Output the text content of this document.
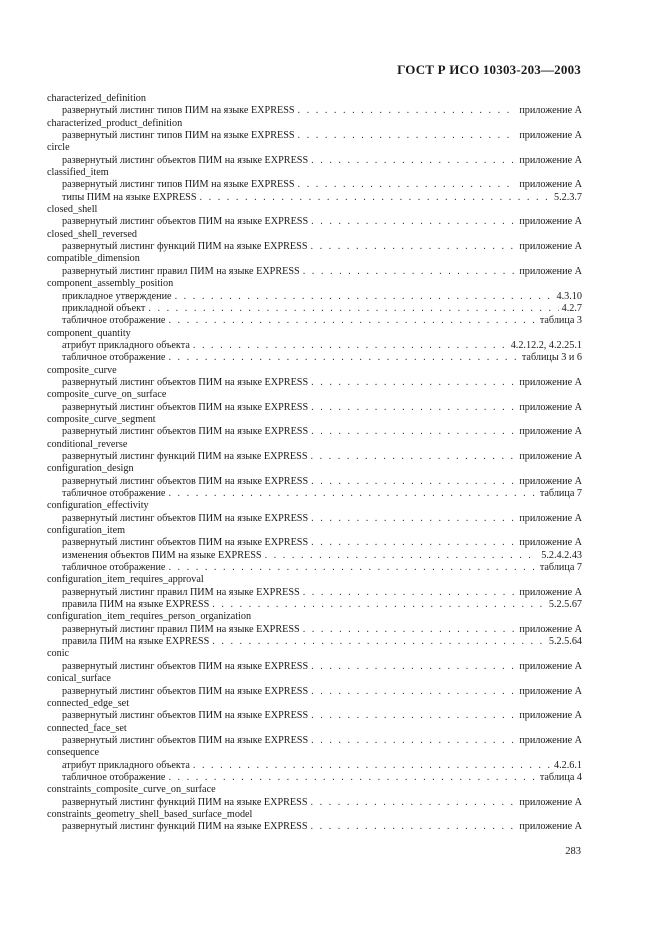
ГОСТ Р ИСО 10303-203—2003
characterized_definition
развернутый листинг типов ПИМ на языке EXPRESS . . .	приложение А
characterized_product_definition
развернутый листинг типов ПИМ на языке EXPRESS . . .	приложение А
circle
развернутый листинг объектов ПИМ на языке EXPRESS . . .	приложение А
classified_item
развернутый листинг типов ПИМ на языке EXPRESS . . .	приложение А
типы ПИМ на языке EXPRESS . . .	5.2.3.7
closed_shell
развернутый листинг объектов ПИМ на языке EXPRESS . . .	приложение А
closed_shell_reversed
развернутый листинг функций ПИМ на языке EXPRESS . . .	приложение А
compatible_dimension
развернутый листинг правил ПИМ на языке EXPRESS . . .	приложение А
component_assembly_position
прикладное утверждение . . .	4.3.10
прикладной объект . . .	4.2.7
табличное отображение . . .	таблица 3
component_quantity
атрибут прикладного объекта . . .	4.2.12.2, 4.2.25.1
табличное отображение . . .	таблицы 3 и 6
composite_curve
развернутый листинг объектов ПИМ на языке EXPRESS . . .	приложение А
composite_curve_on_surface
развернутый листинг объектов ПИМ на языке EXPRESS . . .	приложение А
composite_curve_segment
развернутый листинг объектов ПИМ на языке EXPRESS . . .	приложение А
conditional_reverse
развернутый листинг функций ПИМ на языке EXPRESS . . .	приложение А
configuration_design
развернутый листинг объектов ПИМ на языке EXPRESS . . .	приложение А
табличное отображение . . .	таблица 7
configuration_effectivity
развернутый листинг объектов ПИМ на языке EXPRESS . . .	приложение А
configuration_item
развернутый листинг объектов ПИМ на языке EXPRESS . . .	приложение А
изменения объектов ПИМ на языке EXPRESS . . .	5.2.4.2.43
табличное отображение . . .	таблица 7
configuration_item_requires_approval
развернутый листинг правил ПИМ на языке EXPRESS . . .	приложение А
правила ПИМ на языке EXPRESS . . .	5.2.5.67
configuration_item_requires_person_organization
развернутый листинг правил ПИМ на языке EXPRESS . . .	приложение А
правила ПИМ на языке EXPRESS . . .	5.2.5.64
conic
развернутый листинг объектов ПИМ на языке EXPRESS . . .	приложение А
conical_surface
развернутый листинг объектов ПИМ на языке EXPRESS . . .	приложение А
connected_edge_set
развернутый листинг объектов ПИМ на языке EXPRESS . . .	приложение А
connected_face_set
развернутый листинг объектов ПИМ на языке EXPRESS . . .	приложение А
consequence
атрибут прикладного объекта . . .	4.2.6.1
табличное отображение . . .	таблица 4
constraints_composite_curve_on_surface
развернутый листинг функций ПИМ на языке EXPRESS . . .	приложение А
constraints_geometry_shell_based_surface_model
развернутый листинг функций ПИМ на языке EXPRESS . . .	приложение А
283
